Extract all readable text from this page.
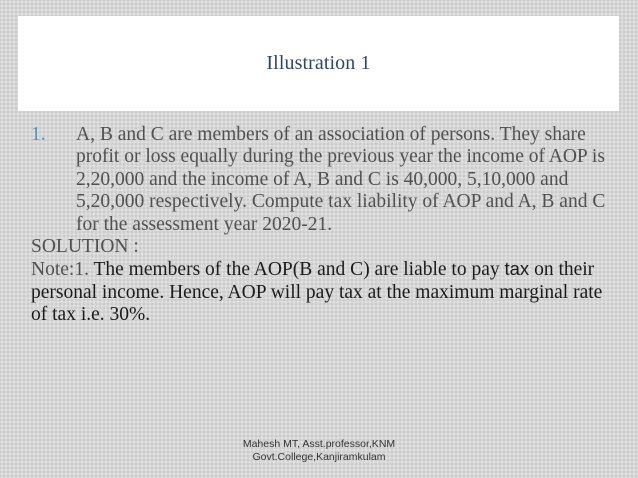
Illustration 1
1.	A, B and C are members of an association of persons. They share profit or loss equally during the previous year the income of AOP is 2,20,000 and the income of A, B and C is 40,000, 5,10,000 and 5,20,000 respectively. Compute tax liability of AOP and A, B and C for the assessment year 2020-21.
SOLUTION :
Note:1. The members of the AOP(B and C) are liable to pay tax on their personal income. Hence, AOP will pay tax at the maximum marginal rate of tax i.e. 30%.
Mahesh MT, Asst.professor,KNM
Govt.College,Kanjiramkulam
